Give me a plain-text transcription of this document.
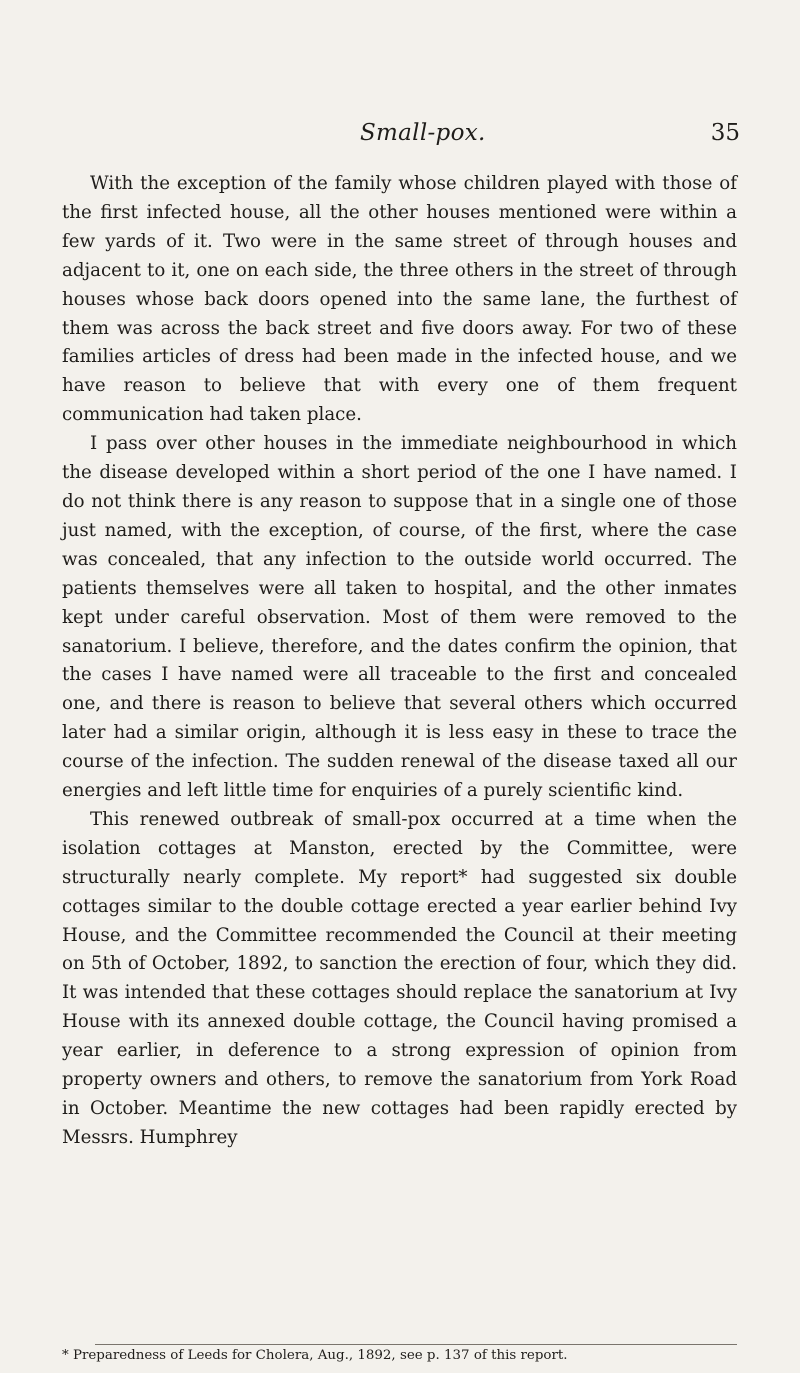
Small-pox.	35

With the exception of the family whose children played with those of the first infected house, all the other houses mentioned were within a few yards of it. Two were in the same street of through houses and adjacent to it, one on each side, the three others in the street of through houses whose back doors opened into the same lane, the furthest of them was across the back street and five doors away. For two of these families articles of dress had been made in the infected house, and we have reason to believe that with every one of them frequent communication had taken place.

I pass over other houses in the immediate neighbourhood in which the disease developed within a short period of the one I have named. I do not think there is any reason to suppose that in a single one of those just named, with the exception, of course, of the first, where the case was concealed, that any infection to the outside world occurred. The patients themselves were all taken to hospital, and the other inmates kept under careful observation. Most of them were removed to the sanatorium. I believe, therefore, and the dates confirm the opinion, that the cases I have named were all traceable to the first and concealed one, and there is reason to believe that several others which occurred later had a similar origin, although it is less easy in these to trace the course of the infection. The sudden renewal of the disease taxed all our energies and left little time for enquiries of a purely scientific kind.

This renewed outbreak of small-pox occurred at a time when the isolation cottages at Manston, erected by the Committee, were structurally nearly complete. My report* had suggested six double cottages similar to the double cottage erected a year earlier behind Ivy House, and the Committee recommended the Council at their meeting on 5th of October, 1892, to sanction the erection of four, which they did. It was intended that these cottages should replace the sanatorium at Ivy House with its annexed double cottage, the Council having promised a year earlier, in deference to a strong expression of opinion from property owners and others, to remove the sanatorium from York Road in October. Meantime the new cottages had been rapidly erected by Messrs. Humphrey

* Preparedness of Leeds for Cholera, Aug., 1892, see p. 137 of this report.
